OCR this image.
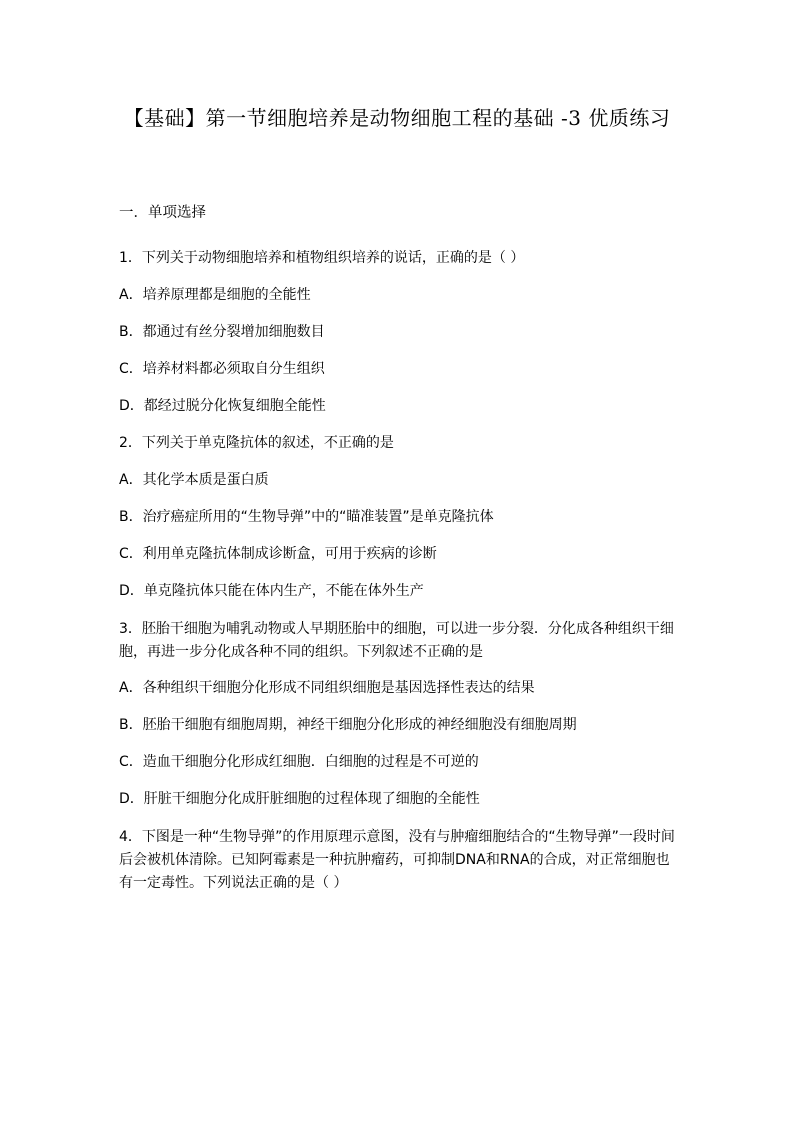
【基础】第一节细胞培养是动物细胞工程的基础 -3 优质练习
一．单项选择

1．下列关于动物细胞培养和植物组织培养的说话，正确的是（ ）

A．培养原理都是细胞的全能性

B．都通过有丝分裂增加细胞数目

C．培养材料都必须取自分生组织

D．都经过脱分化恢复细胞全能性

2．下列关于单克隆抗体的叙述，不正确的是

A．其化学本质是蛋白质

B．治疗癌症所用的“生物导弹”中的“瞄准装置”是单克隆抗体

C．利用单克隆抗体制成诊断盒，可用于疾病的诊断

D．单克隆抗体只能在体内生产，不能在体外生产

3．胚胎干细胞为哺乳动物或人早期胚胎中的细胞，可以进一步分裂．分化成各种组织干细胞，再进一步分化成各种不同的组织。下列叙述不正确的是

A．各种组织干细胞分化形成不同组织细胞是基因选择性表达的结果

B．胚胎干细胞有细胞周期，神经干细胞分化形成的神经细胞没有细胞周期

C．造血干细胞分化形成红细胞．白细胞的过程是不可逆的

D．肝脏干细胞分化成肝脏细胞的过程体现了细胞的全能性

4．下图是一种“生物导弹”的作用原理示意图，没有与肿瘤细胞结合的“生物导弹”一段时间后会被机体清除。已知阿霉素是一种抗肿瘤药，可抑制DNA和RNA的合成，对正常细胞也有一定毒性。下列说法正确的是（ ）
